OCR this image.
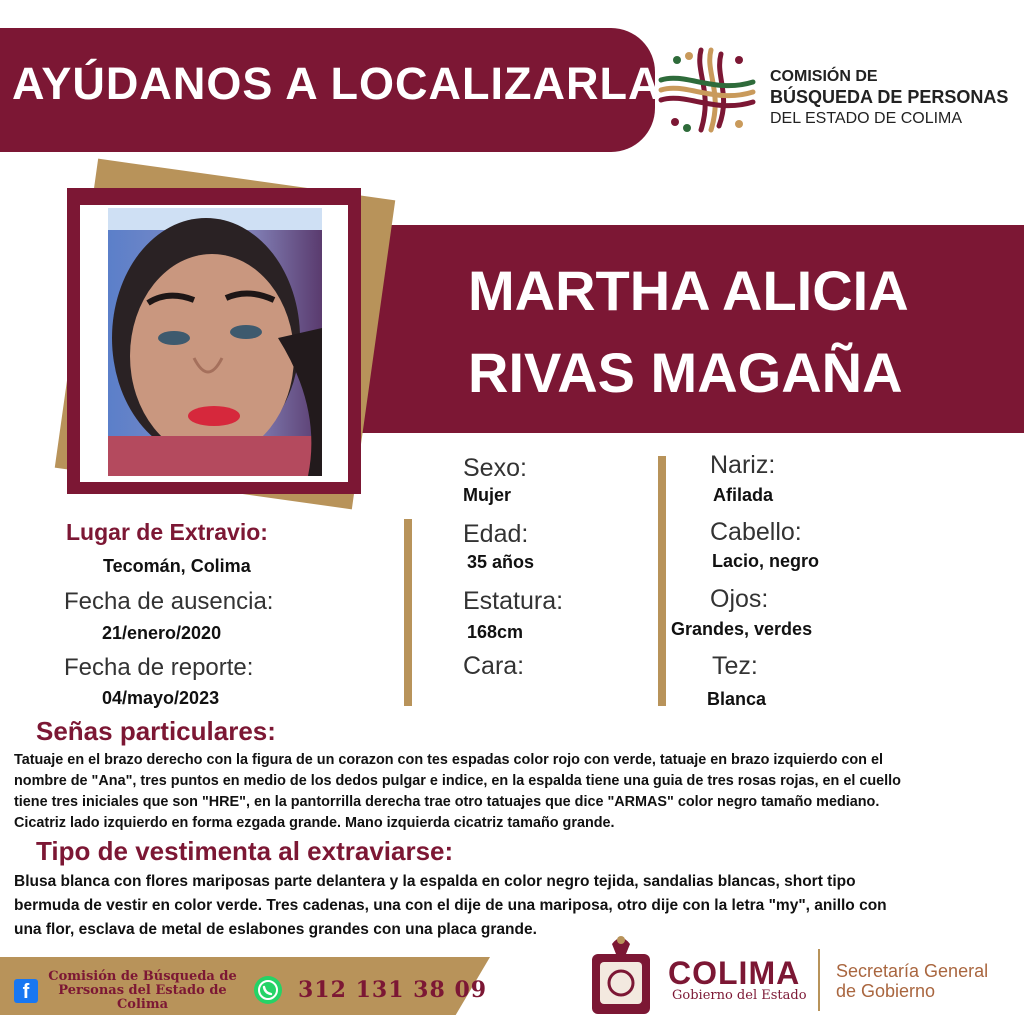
AYÚDANOS A LOCALIZARLA	COMISIÓN DE
BÚSQUEDA DE PERSONAS
DEL ESTADO DE COLIMA
MARTHA ALICIA
RIVAS MAGAÑA
Lugar de Extravio:
Tecomán, Colima
Fecha de ausencia:
21/enero/2020
Fecha de reporte:
04/mayo/2023
Sexo:
Mujer
Edad:
35 años
Estatura:
168cm
Cara:
Nariz:
Afilada
Cabello:
Lacio, negro
Ojos:
Grandes, verdes
Tez:
Blanca
Señas particulares:
Tatuaje en el brazo derecho con la figura de un corazon con tes espadas color rojo con verde, tatuaje en brazo izquierdo con el
nombre de "Ana", tres puntos en medio de los dedos pulgar e indice, en la espalda tiene una guia de tres rosas rojas, en el cuello
tiene tres iniciales que son "HRE", en la pantorrilla derecha trae otro tatuajes que dice "ARMAS" color negro tamaño mediano.
Cicatriz lado izquierdo en forma ezgada grande. Mano izquierda cicatriz tamaño grande.
Tipo de vestimenta al extraviarse:
Blusa blanca con flores mariposas parte delantera y la espalda en color negro tejida, sandalias blancas, short tipo
bermuda de vestir en color verde. Tres cadenas, una con el dije de una mariposa, otro dije con la letra "my", anillo con
una flor, esclava de metal de eslabones grandes con una placa grande.
f
Comisión de Búsqueda de Personas del Estado de Colima
312 131 38 09	COLIMA
Gobierno del Estado
Secretaría General
de Gobierno
